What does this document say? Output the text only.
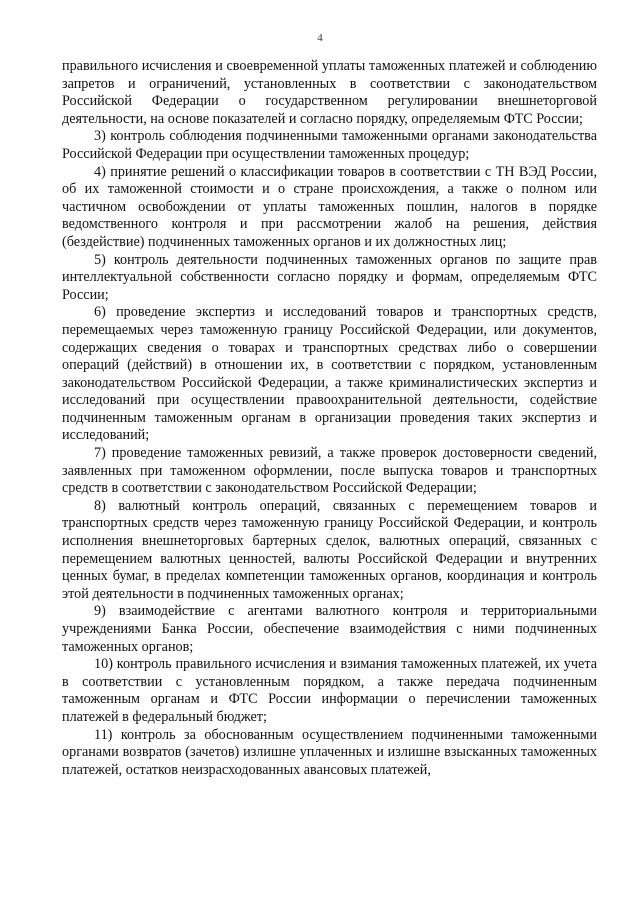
4

правильного исчисления и своевременной уплаты таможенных платежей и соблюдению запретов и ограничений, установленных в соответствии с законодательством Российской Федерации о государственном регулировании внешнеторговой деятельности, на основе показателей и согласно порядку, определяемым ФТС России;

3) контроль соблюдения подчиненными таможенными органами законодательства Российской Федерации при осуществлении таможенных процедур;

4) принятие решений о классификации товаров в соответствии с ТН ВЭД России, об их таможенной стоимости и о стране происхождения, а также о полном или частичном освобождении от уплаты таможенных пошлин, налогов в порядке ведомственного контроля и при рассмотрении жалоб на решения, действия (бездействие) подчиненных таможенных органов и их должностных лиц;

5) контроль деятельности подчиненных таможенных органов по защите прав интеллектуальной собственности согласно порядку и формам, определяемым ФТС России;

6) проведение экспертиз и исследований товаров и транспортных средств, перемещаемых через таможенную границу Российской Федерации, или документов, содержащих сведения о товарах и транспортных средствах либо о совершении операций (действий) в отношении их, в соответствии с порядком, установленным законодательством Российской Федерации, а также криминалистических экспертиз и исследований при осуществлении правоохранительной деятельности, содействие подчиненным таможенным органам в организации проведения таких экспертиз и исследований;

7) проведение таможенных ревизий, а также проверок достоверности сведений, заявленных при таможенном оформлении, после выпуска товаров и транспортных средств в соответствии с законодательством Российской Федерации;

8) валютный контроль операций, связанных с перемещением товаров и транспортных средств через таможенную границу Российской Федерации, и контроль исполнения внешнеторговых бартерных сделок, валютных операций, связанных с перемещением валютных ценностей, валюты Российской Федерации и внутренних ценных бумаг, в пределах компетенции таможенных органов, координация и контроль этой деятельности в подчиненных таможенных органах;

9) взаимодействие с агентами валютного контроля и территориальными учреждениями Банка России, обеспечение взаимодействия с ними подчиненных таможенных органов;

10) контроль правильного исчисления и взимания таможенных платежей, их учета в соответствии с установленным порядком, а также передача подчиненным таможенным органам и ФТС России информации о перечислении таможенных платежей в федеральный бюджет;

11) контроль за обоснованным осуществлением подчиненными таможенными органами возвратов (зачетов) излишне уплаченных и излишне взысканных таможенных платежей, остатков неизрасходованных авансовых платежей,
